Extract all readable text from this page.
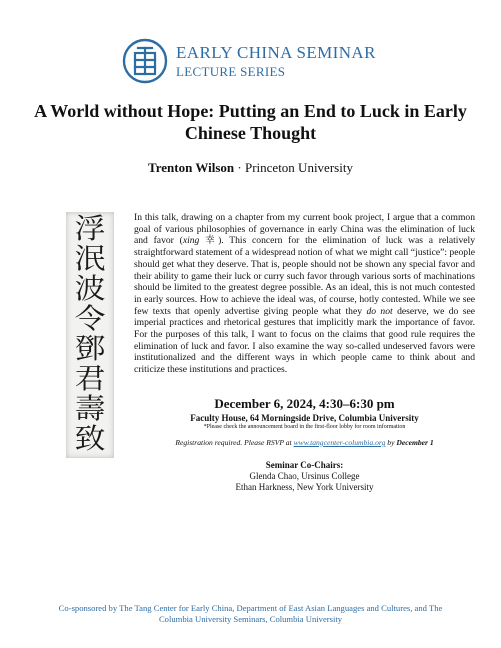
EARLY CHINA SEMINAR
LECTURE SERIES
A World without Hope: Putting an End to Luck in Early Chinese Thought
Trenton Wilson · Princeton University
浮
泯
波
令
鄧
君
壽
致
In this talk, drawing on a chapter from my current book project, I argue that a common goal of various philosophies of governance in early China was the elimination of luck and favor (xing 幸). This concern for the elimination of luck was a relatively straightforward statement of a widespread notion of what we might call “justice”: people should get what they deserve. That is, people should not be shown any special favor and their ability to game their luck or curry such favor through various sorts of machinations should be limited to the greatest degree possible. As an ideal, this is not much contested in early sources. How to achieve the ideal was, of course, hotly contested. While we see few texts that openly advertise giving people what they do not deserve, we do see imperial practices and rhetorical gestures that implicitly mark the importance of favor. For the purposes of this talk, I want to focus on the claims that good rule requires the elimination of luck and favor. I also examine the way so-called undeserved favors were institutionalized and the different ways in which people came to think about and criticize these institutions and practices.
December 6, 2024, 4:30–6:30 pm
Faculty House, 64 Morningside Drive, Columbia University
*Please check the announcement board in the first-floor lobby for room information
Registration required. Please RSVP at www.tangcenter-columbia.org by December 1
Seminar Co-Chairs:
Glenda Chao, Ursinus College
Ethan Harkness, New York University
Co-sponsored by The Tang Center for Early China, Department of East Asian Languages and Cultures, and The
Columbia University Seminars, Columbia University
